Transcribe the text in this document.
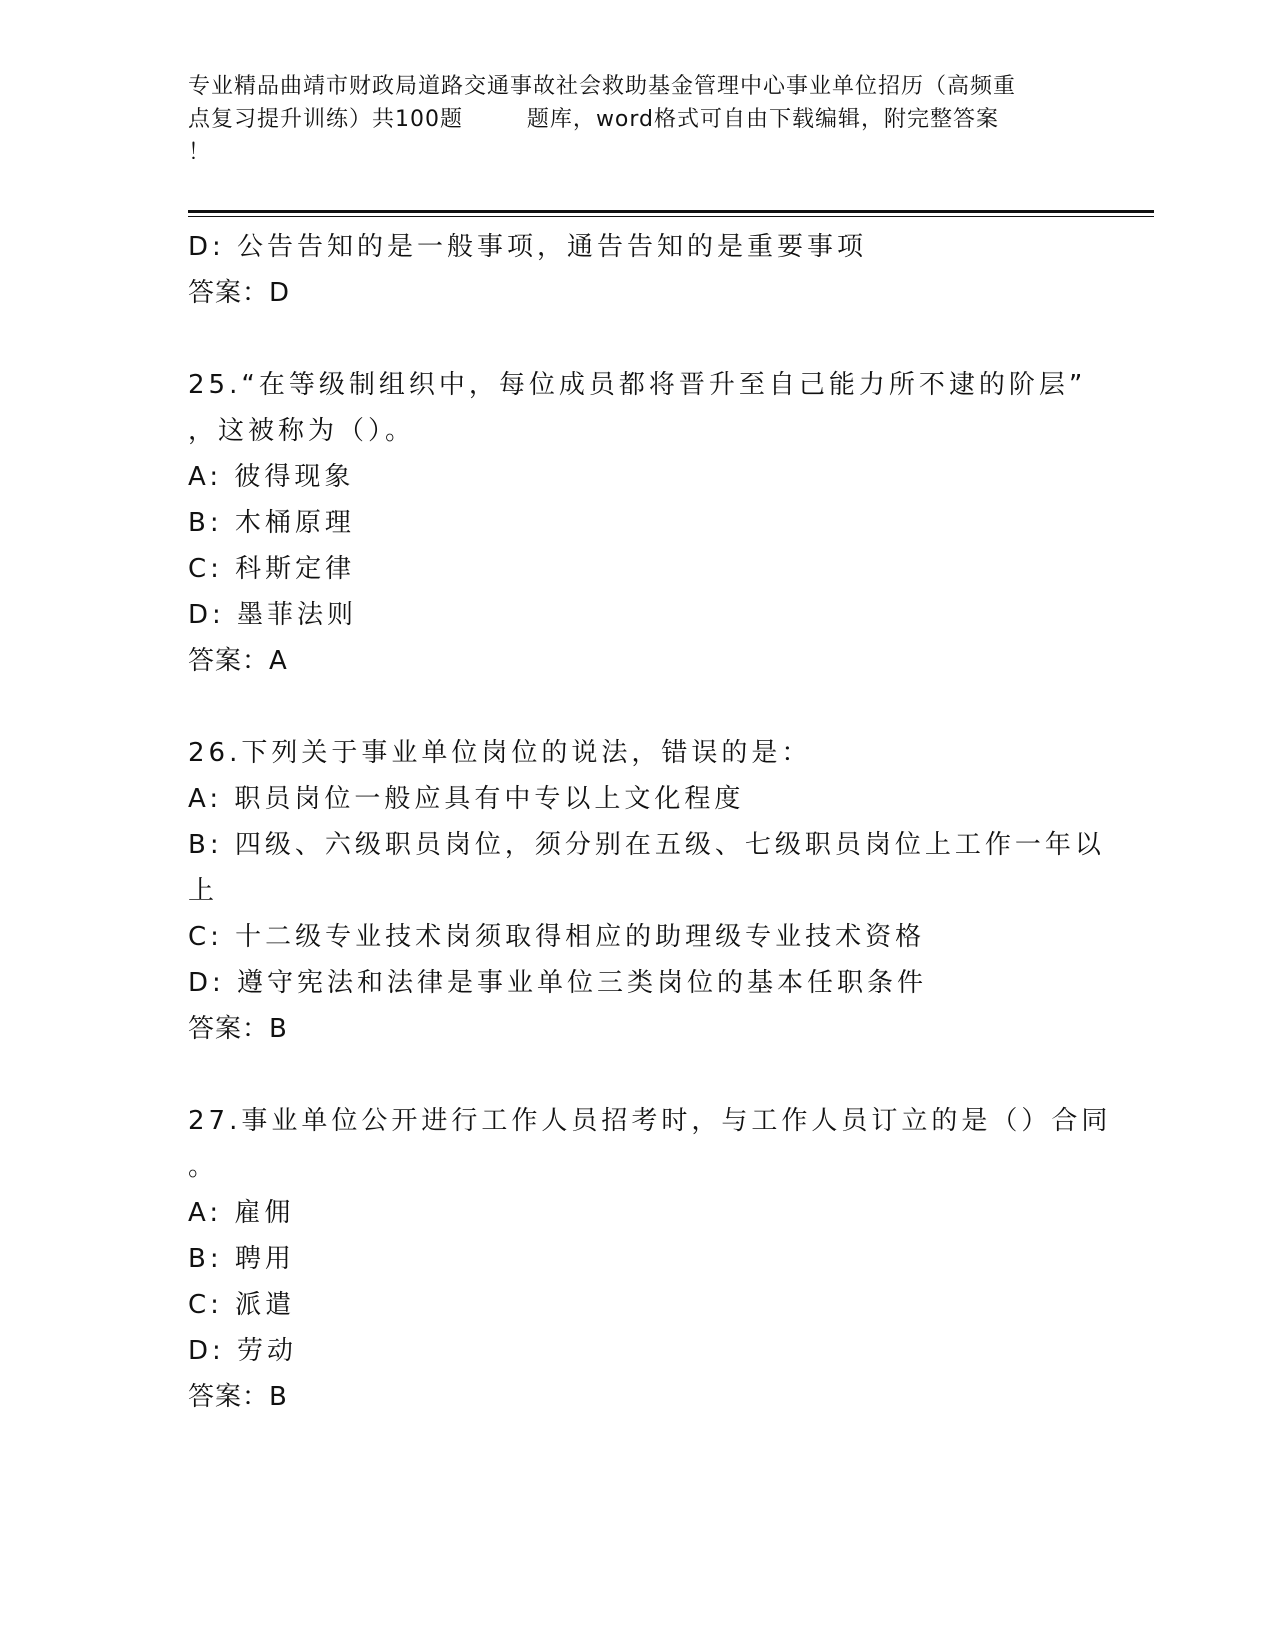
专业精品曲靖市财政局道路交通事故社会救助基金管理中心事业单位招历（高频重
点复习提升训练）共100题        题库，word格式可自由下载编辑，附完整答案
！
D: 公告告知的是一般事项，通告告知的是重要事项
答案：D
25.“在等级制组织中，每位成员都将晋升至自己能力所不逮的阶层”
，这被称为（）。
A: 彼得现象
B: 木桶原理
C: 科斯定律
D: 墨菲法则
答案：A
26.下列关于事业单位岗位的说法，错误的是：
A: 职员岗位一般应具有中专以上文化程度
B: 四级、六级职员岗位，须分别在五级、七级职员岗位上工作一年以
上
C: 十二级专业技术岗须取得相应的助理级专业技术资格
D: 遵守宪法和法律是事业单位三类岗位的基本任职条件
答案：B
27.事业单位公开进行工作人员招考时，与工作人员订立的是（）合同
。
A: 雇佣
B: 聘用
C: 派遣
D: 劳动
答案：B
